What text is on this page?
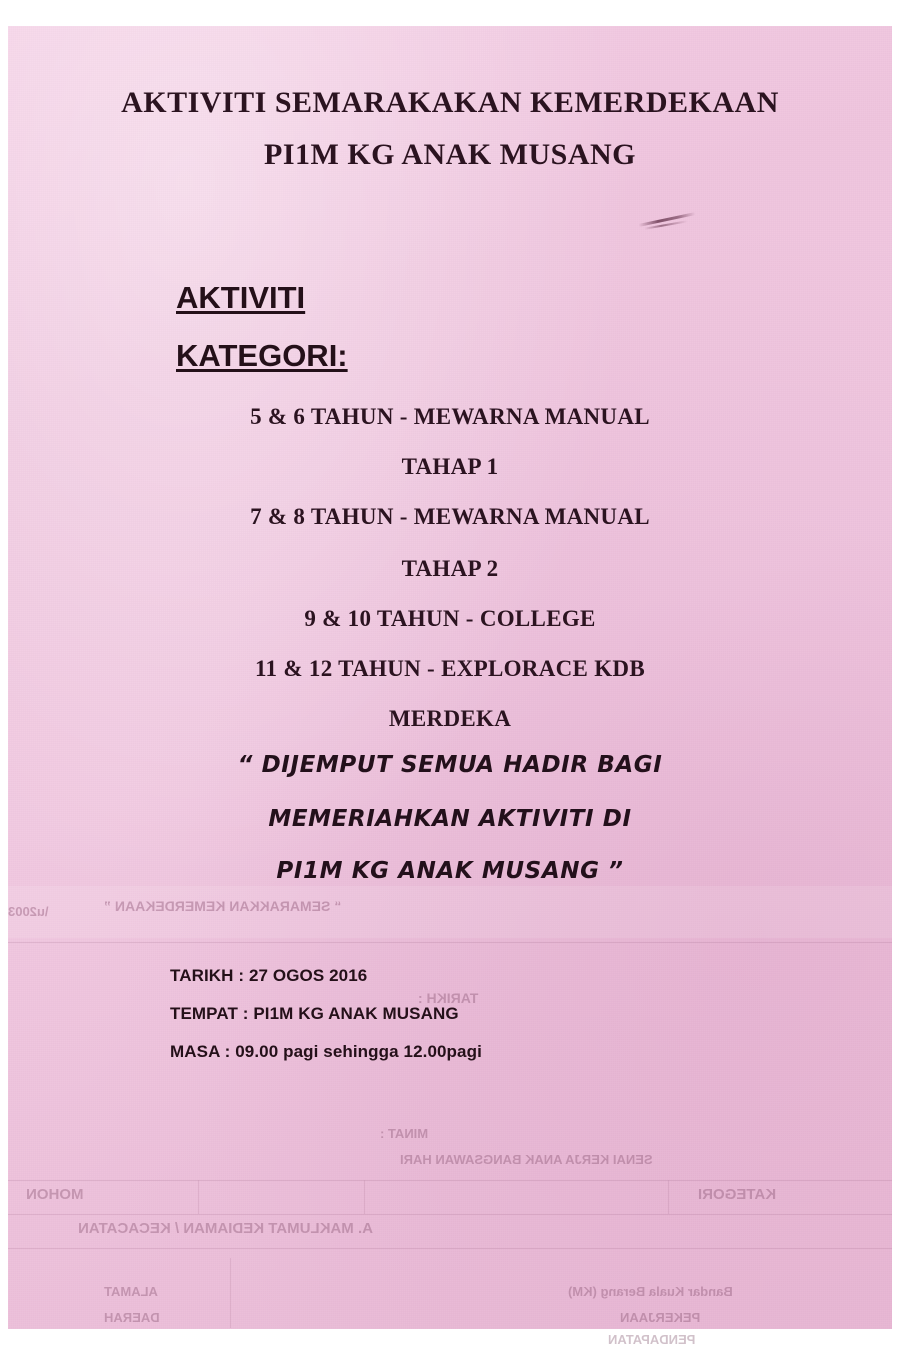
“ SEMARAKKAN KEMERDEKAAN ”
\u2003
TARIKH :
MINAT :
SENAI KERJA ANAK BANGSAWAN HARI
MOHON	KATEGORI
A. MAKLUMAT KEDIAMAN / KECACATAN
ALAMAT
DAERAH
Bandar Kuala Berang (KM)
PEKERJAAN
PENDAPATAN
AKTIVITI SEMARAKAKAN KEMERDEKAAN
PI1M KG ANAK MUSANG
AKTIVITI
KATEGORI:
5 & 6 TAHUN - MEWARNA MANUAL
TAHAP 1
7 & 8 TAHUN - MEWARNA MANUAL
TAHAP 2
9 & 10 TAHUN - COLLEGE
11 & 12 TAHUN - EXPLORACE KDB
MERDEKA
“ DIJEMPUT SEMUA HADIR BAGI
MEMERIAHKAN AKTIVITI DI
PI1M KG ANAK MUSANG ”
TARIKH : 27 OGOS 2016
TEMPAT : PI1M KG ANAK MUSANG
MASA : 09.00 pagi sehingga 12.00pagi
